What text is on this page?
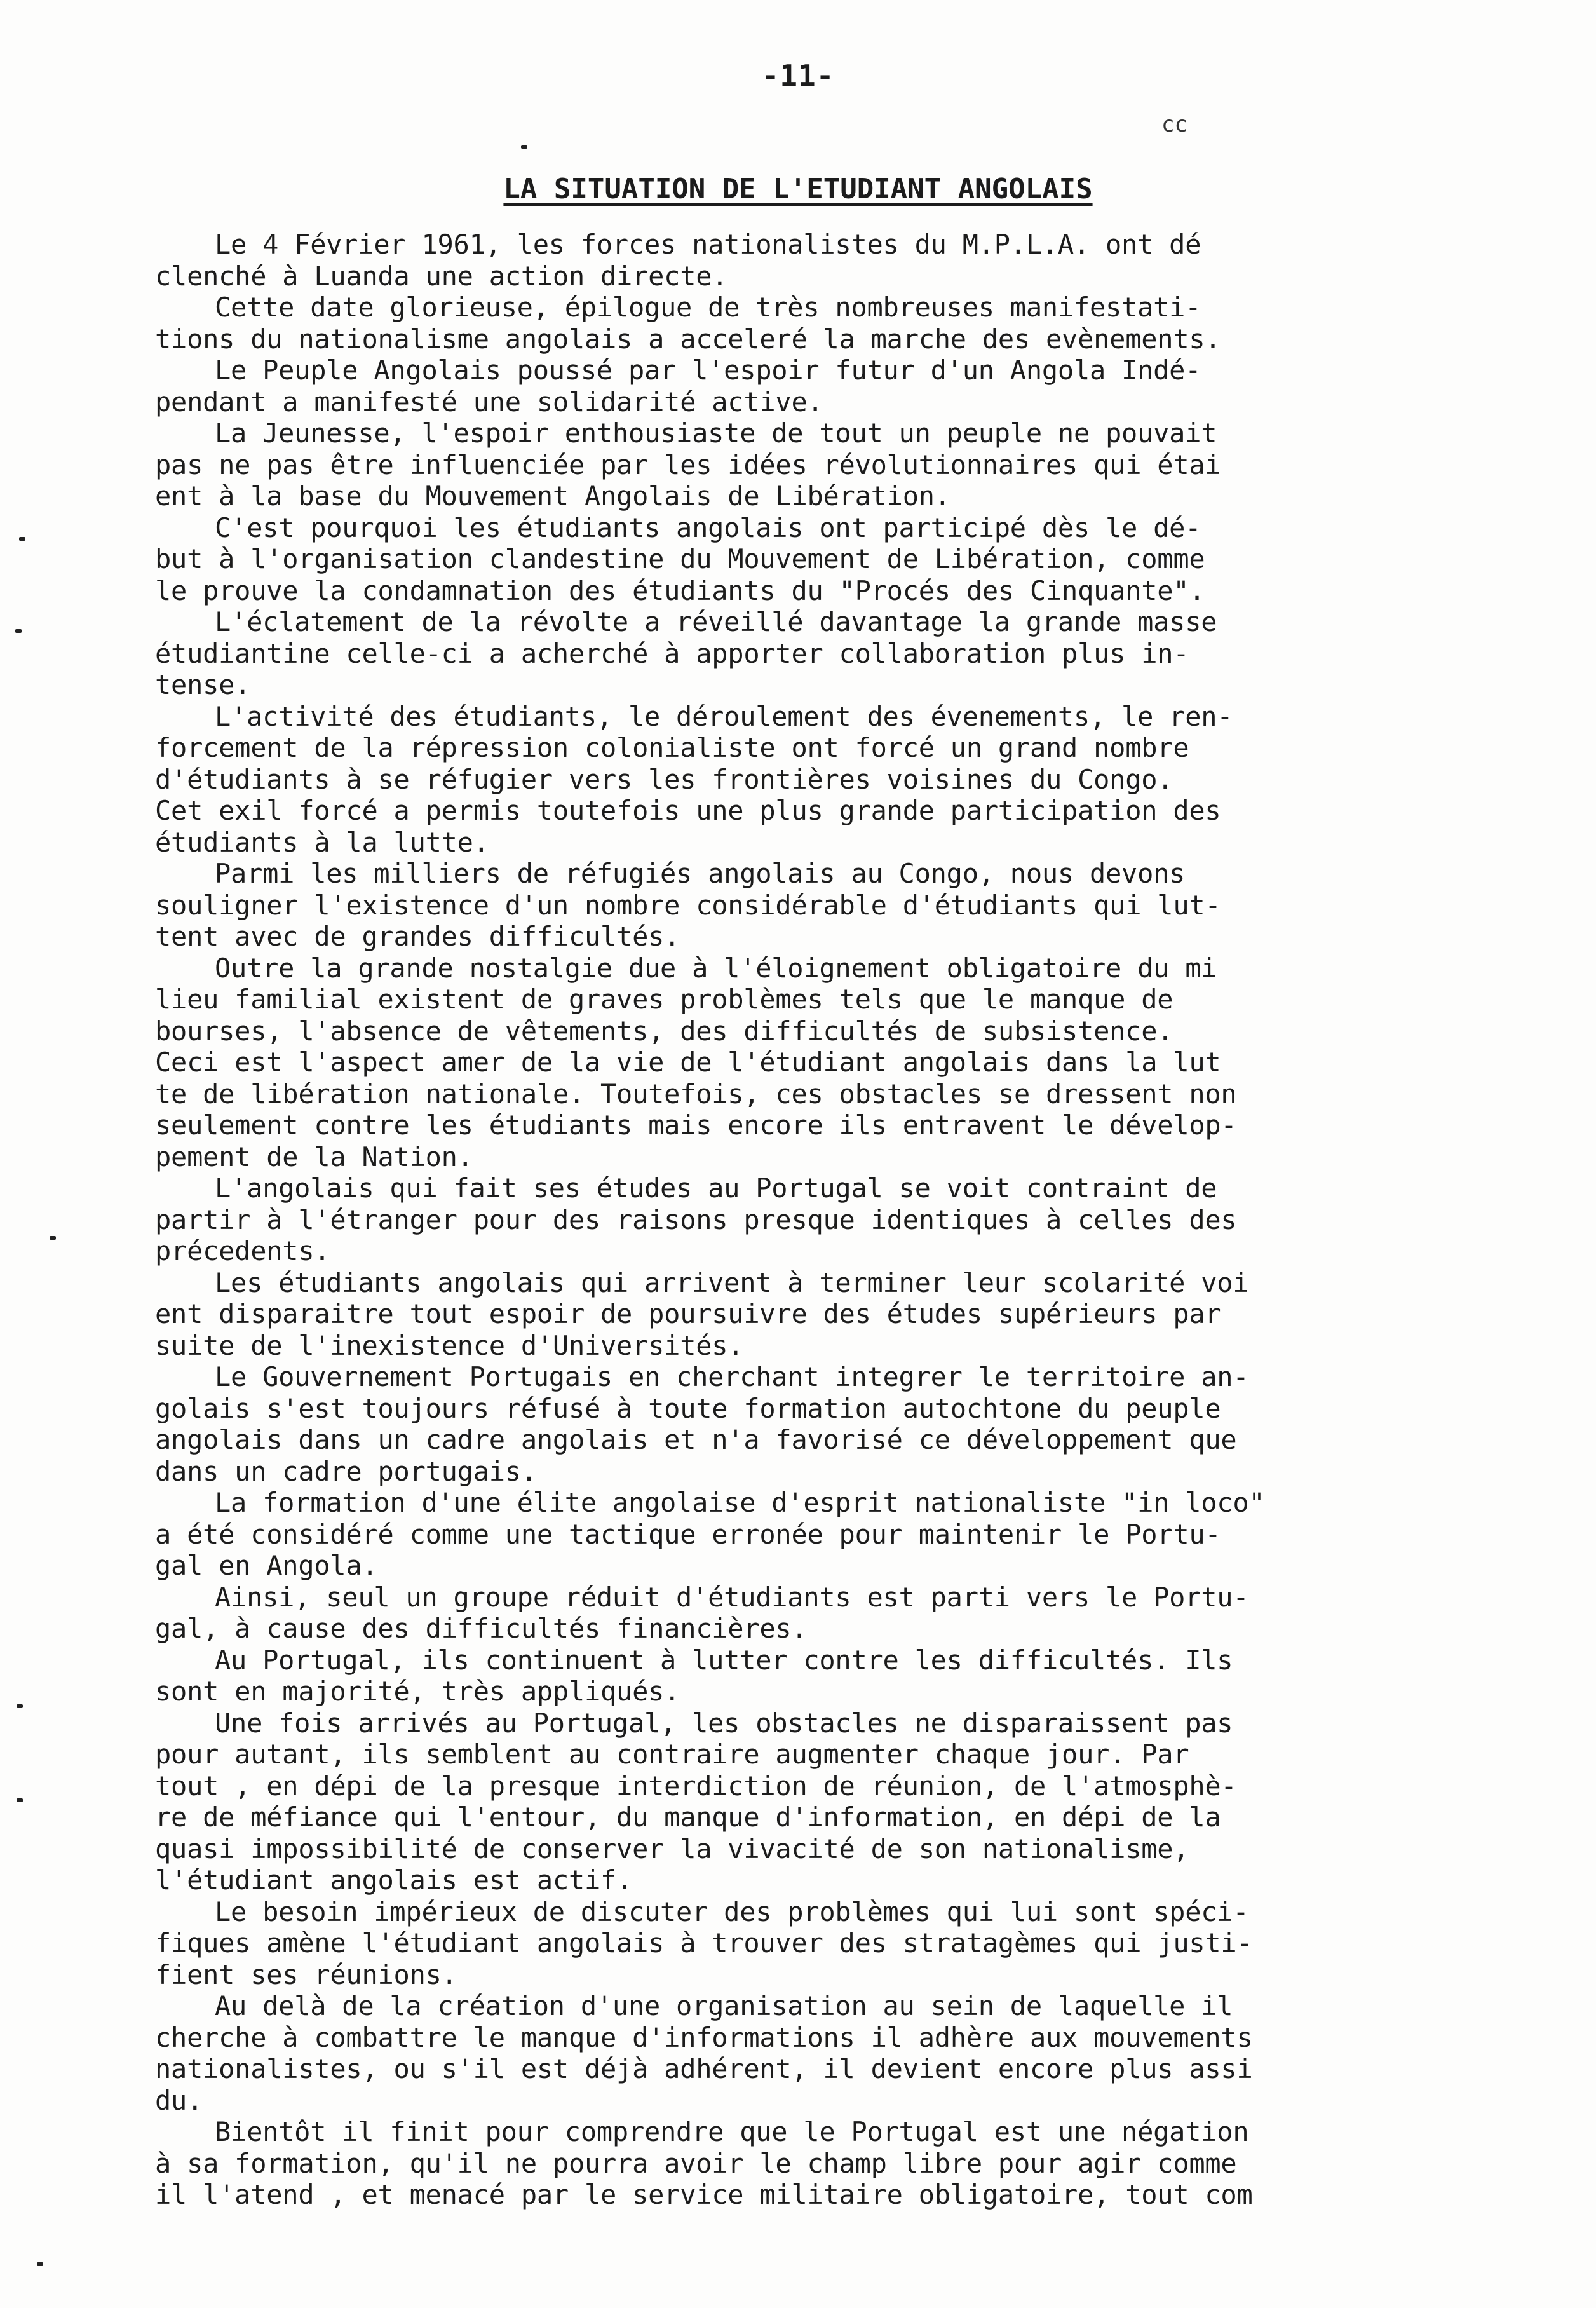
-11-
cc
LA SITUATION DE L'ETUDIANT ANGOLAIS
Le 4 Février 1961, les forces nationalistes du M.P.L.A. ont dé
clenché à Luanda une action directe.
Cette date glorieuse, épilogue de très nombreuses manifestati-
tions du nationalisme angolais a acceleré la marche des evènements.
Le Peuple Angolais poussé par l'espoir futur d'un Angola Indé-
pendant a manifesté une solidarité active.
La Jeunesse, l'espoir enthousiaste de tout un peuple ne pouvait
pas ne pas être influenciée par les idées révolutionnaires qui étai
ent à la base du Mouvement Angolais de Libération.
C'est pourquoi les étudiants angolais ont participé dès le dé-
but à l'organisation clandestine du Mouvement de Libération, comme
le prouve la condamnation des étudiants du "Procés des Cinquante".
L'éclatement de la révolte a réveillé davantage la grande masse
étudiantine celle-ci a acherché à apporter collaboration plus in-
tense.
L'activité des étudiants, le déroulement des évenements, le ren-
forcement de la répression colonialiste ont forcé un grand nombre
d'étudiants à se réfugier vers les frontières voisines du Congo.
Cet exil forcé a permis toutefois une plus grande participation des
étudiants à la lutte.
Parmi les milliers de réfugiés angolais au Congo, nous devons
souligner l'existence d'un nombre considérable d'étudiants qui lut-
tent avec de grandes difficultés.
Outre la grande nostalgie due à l'éloignement obligatoire du mi
lieu familial existent de graves problèmes tels que le manque de
bourses, l'absence de vêtements, des difficultés de subsistence.
Ceci est l'aspect amer de la vie de l'étudiant angolais dans la lut
te de libération nationale. Toutefois, ces obstacles se dressent non
seulement contre les étudiants mais encore ils entravent le dévelop-
pement de la Nation.
L'angolais qui fait ses études au Portugal se voit contraint de
partir à l'étranger pour des raisons presque identiques à celles des
précedents.
Les étudiants angolais qui arrivent à terminer leur scolarité voi
ent disparaitre tout espoir de poursuivre des études supérieurs par
suite de l'inexistence d'Universités.
Le Gouvernement Portugais en cherchant integrer le territoire an-
golais s'est toujours réfusé à toute formation autochtone du peuple
angolais dans un cadre angolais et n'a favorisé ce développement que
dans un cadre portugais.
La formation d'une élite angolaise d'esprit nationaliste "in loco"
a été considéré comme une tactique erronée pour maintenir le Portu-
gal en Angola.
Ainsi, seul un groupe réduit d'étudiants est parti vers le Portu-
gal, à cause des difficultés financières.
Au Portugal, ils continuent à lutter contre les difficultés. Ils
sont en majorité, très appliqués.
Une fois arrivés au Portugal, les obstacles ne disparaissent pas
pour autant, ils semblent au contraire augmenter chaque jour. Par
tout , en dépi de la presque interdiction de réunion, de l'atmosphè-
re de méfiance qui l'entour, du manque d'information, en dépi de la
quasi impossibilité de conserver la vivacité de son nationalisme,
l'étudiant angolais est actif.
Le besoin impérieux de discuter des problèmes qui lui sont spéci-
fiques amène l'étudiant angolais à trouver des stratagèmes qui justi-
fient ses réunions.
Au delà de la création d'une organisation au sein de laquelle il
cherche à combattre le manque d'informations il adhère aux mouvements
nationalistes, ou s'il est déjà adhérent, il devient encore plus assi
du.
Bientôt il finit pour comprendre que le Portugal est une négation
à sa formation, qu'il ne pourra avoir le champ libre pour agir comme
il l'atend , et menacé par le service militaire obligatoire, tout com
